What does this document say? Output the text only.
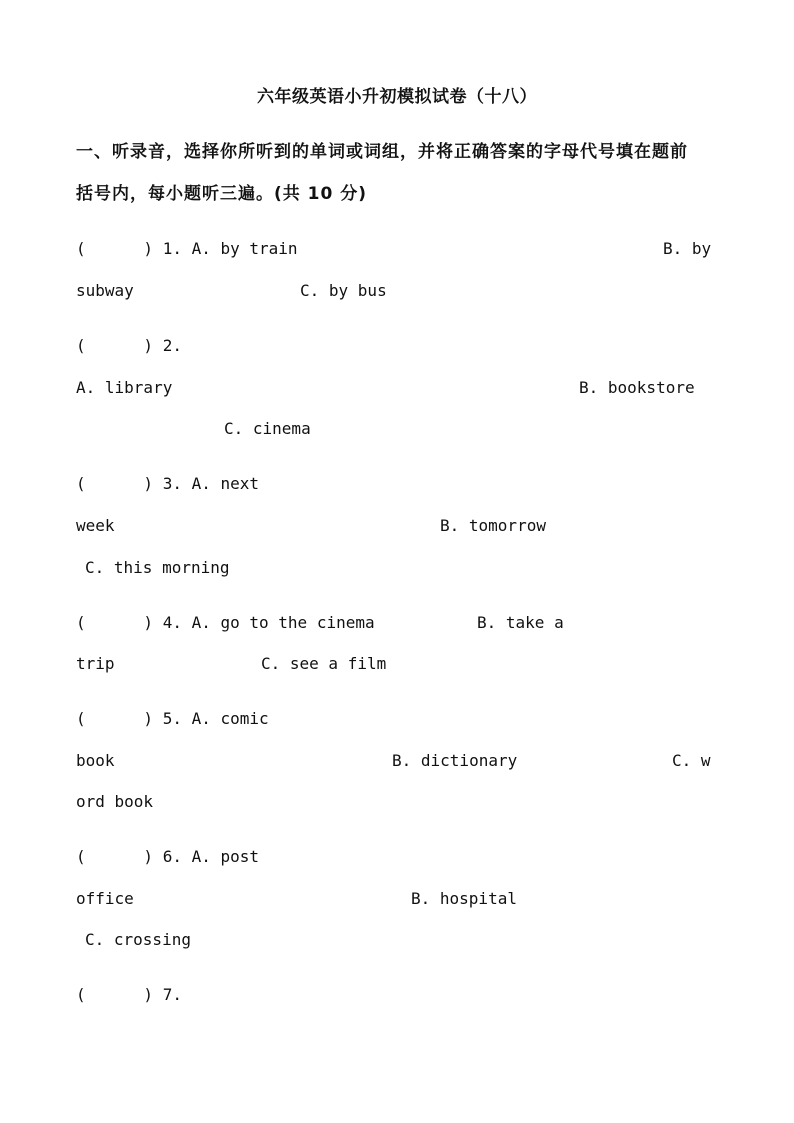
六年级英语小升初模拟试卷（十八）
一、听录音，选择你所听到的单词或词组，并将正确答案的字母代号填在题前
括号内，每小题听三遍。(共 10 分)
(      ) 1. A. by train	B. by
subway	C. by bus
(      ) 2.
A. library	B. bookstore
C. cinema
(      ) 3. A. next
week	B. tomorrow
C. this morning
(      ) 4. A. go to the cinema	B. take a
trip	C. see a film
(      ) 5. A. comic
book	B. dictionary	C. w
ord book
(      ) 6. A. post
office	B. hospital
C. crossing
(      ) 7.
